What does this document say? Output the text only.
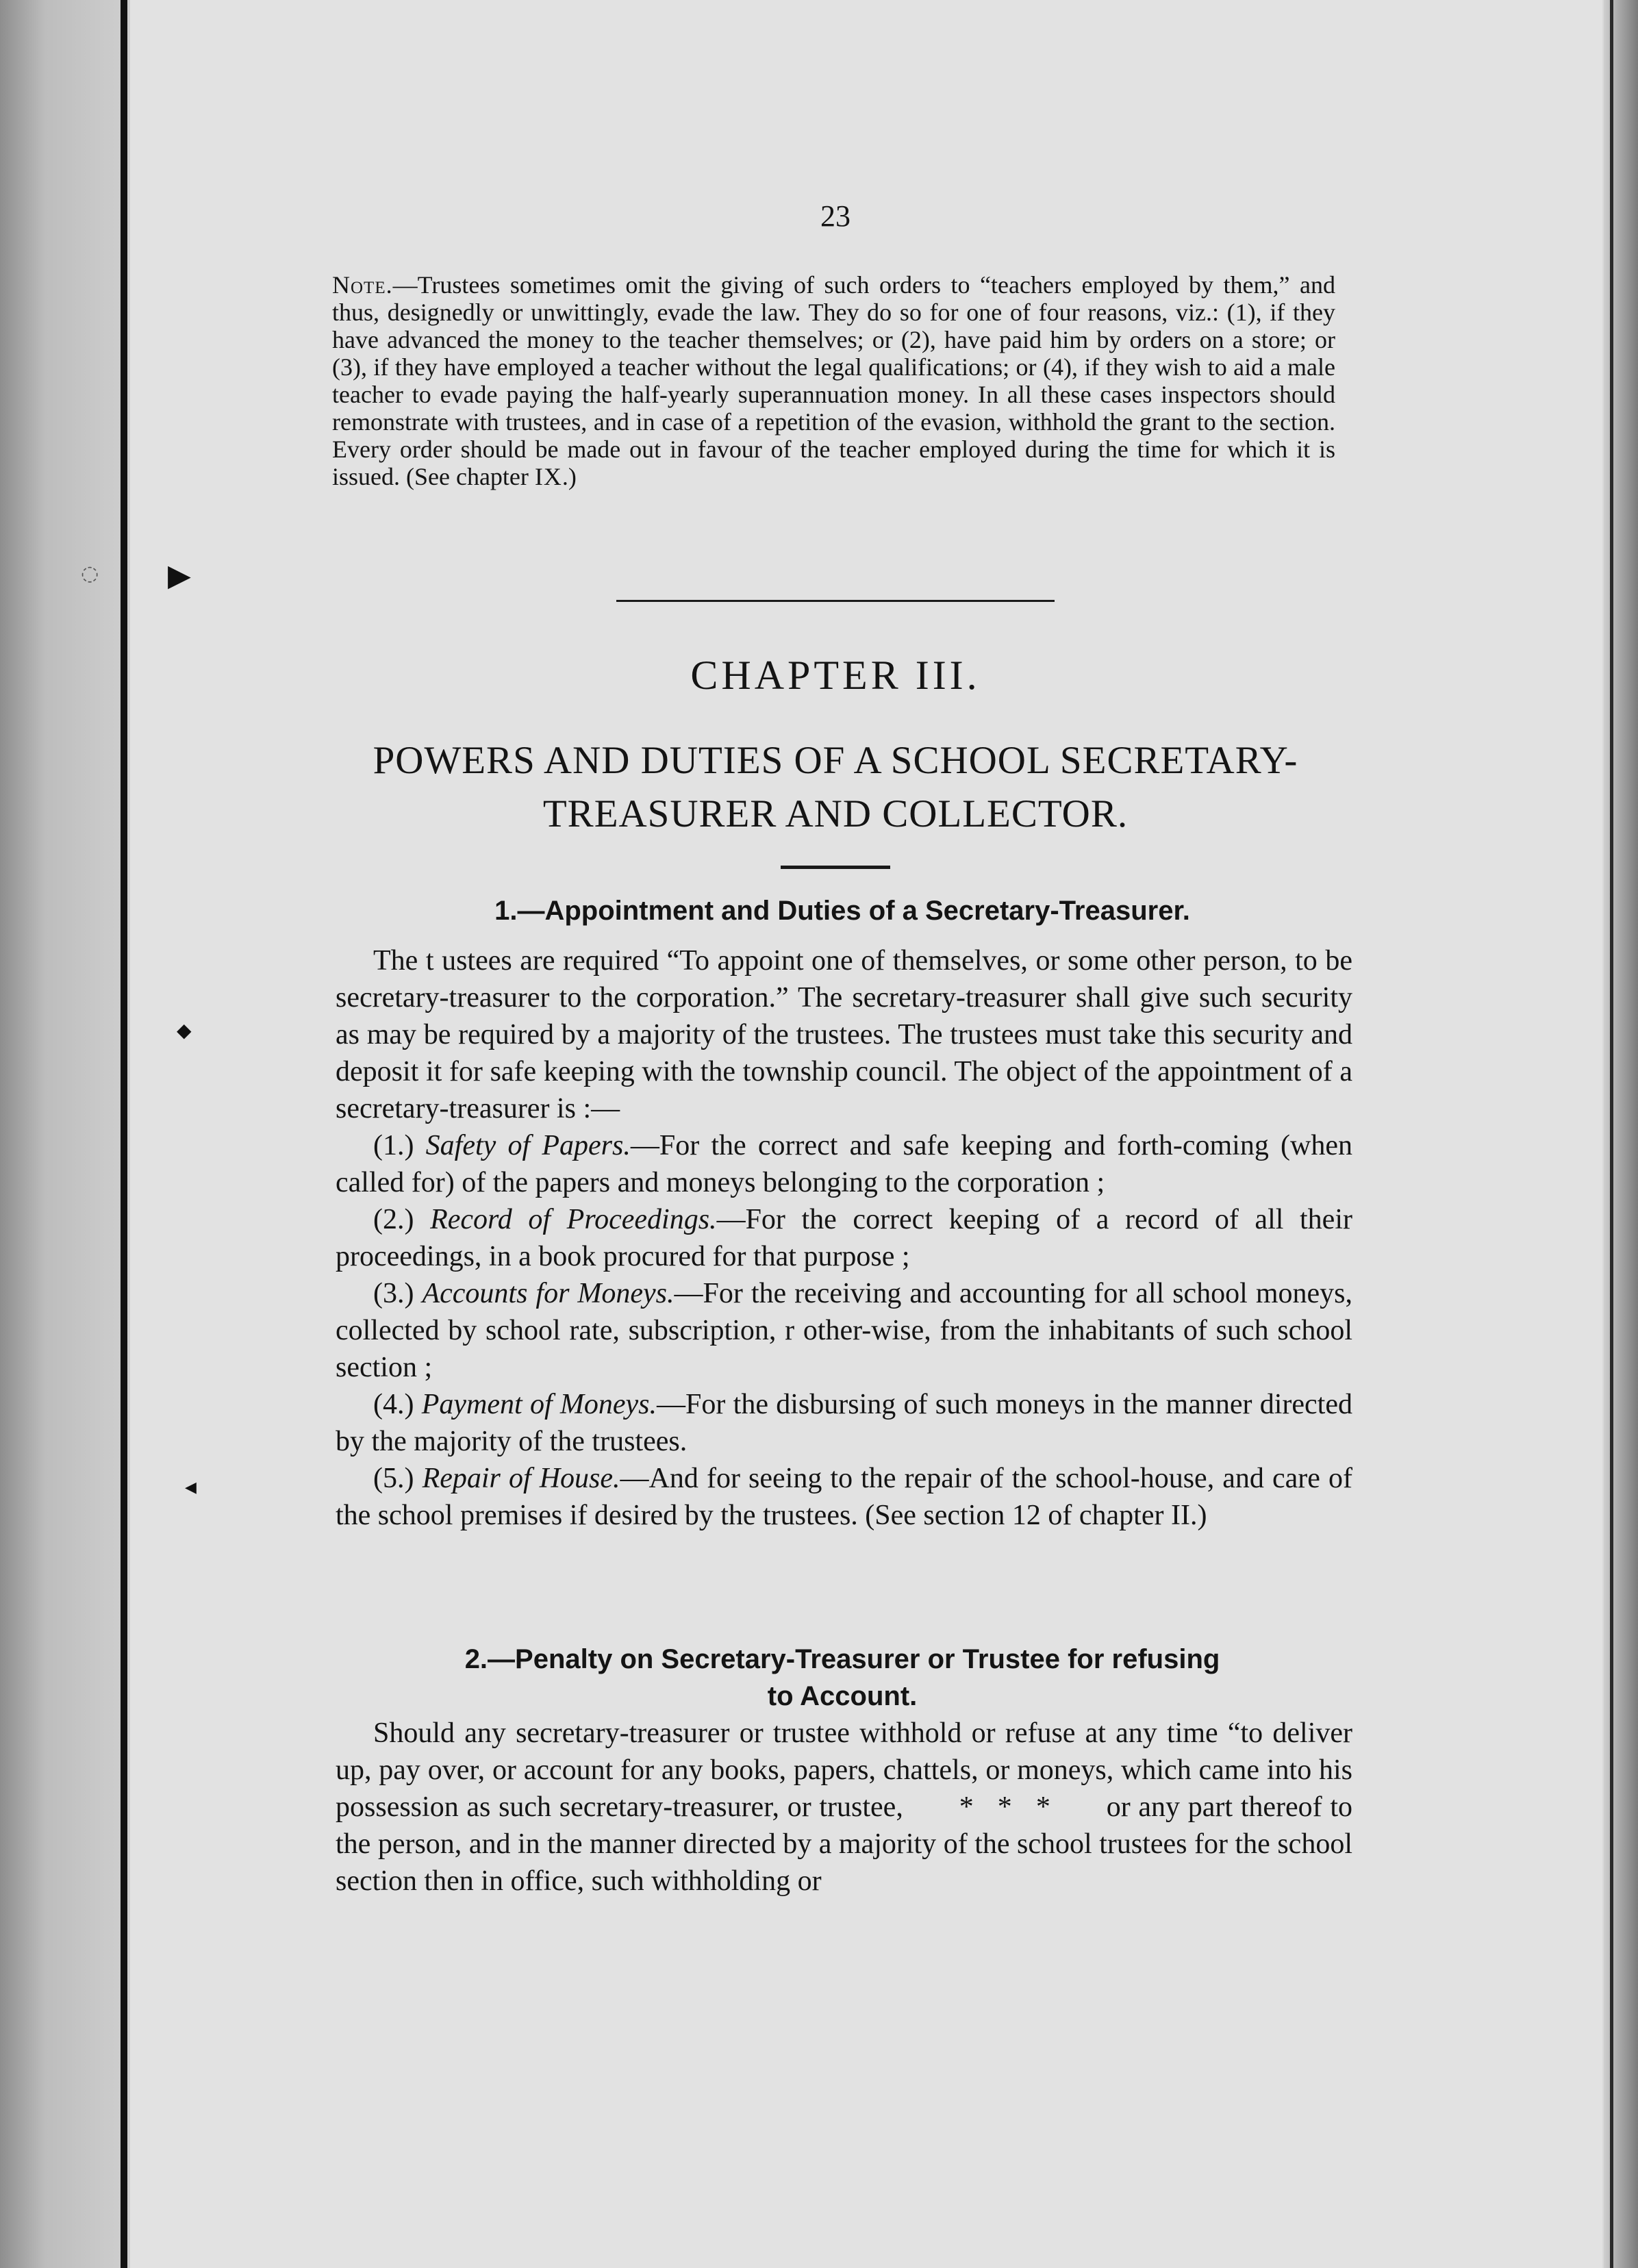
▶
◆
◀
◌
23
Note.—Trustees sometimes omit the giving of such orders to “teachers employed by them,” and thus, designedly or unwittingly, evade the law. They do so for one of four reasons, viz.: (1), if they have advanced the money to the teacher themselves; or (2), have paid him by orders on a store; or (3), if they have employed a teacher without the legal qualifications; or (4), if they wish to aid a male teacher to evade paying the half-yearly superannuation money. In all these cases inspectors should remonstrate with trustees, and in case of a repetition of the evasion, withhold the grant to the section. Every order should be made out in favour of the teacher employed during the time for which it is issued. (See chapter IX.)
CHAPTER III.
POWERS AND DUTIES OF A SCHOOL SECRETARY-
TREASURER AND COLLECTOR.
1.—Appointment and Duties of a Secretary-Treasurer.

The t ustees are required “To appoint one of themselves, or some other person, to be secretary-treasurer to the corporation.” The secretary-treasurer shall give such security as may be required by a majority of the trustees. The trustees must take this security and deposit it for safe keeping with the township council. The object of the appointment of a secretary-treasurer is :—

(1.) Safety of Papers.—For the correct and safe keeping and forth-coming (when called for) of the papers and moneys belonging to the corporation ;

(2.) Record of Proceedings.—For the correct keeping of a record of all their proceedings, in a book procured for that purpose ;

(3.) Accounts for Moneys.—For the receiving and accounting for all school moneys, collected by school rate, subscription, r other-wise, from the inhabitants of such school section ;

(4.) Payment of Moneys.—For the disbursing of such moneys in the manner directed by the majority of the trustees.

(5.) Repair of House.—And for seeing to the repair of the school-house, and care of the school premises if desired by the trustees. (See section 12 of chapter II.)

2.—Penalty on Secretary-Treasurer or Trustee for refusing
to Account.

Should any secretary-treasurer or trustee withhold or refuse at any time “to deliver up, pay over, or account for any books, papers, chattels, or moneys, which came into his possession as such secretary-treasurer, or trustee, *   *   * or any part thereof to the person, and in the manner directed by a majority of the school trustees for the school section then in office, such withholding or
